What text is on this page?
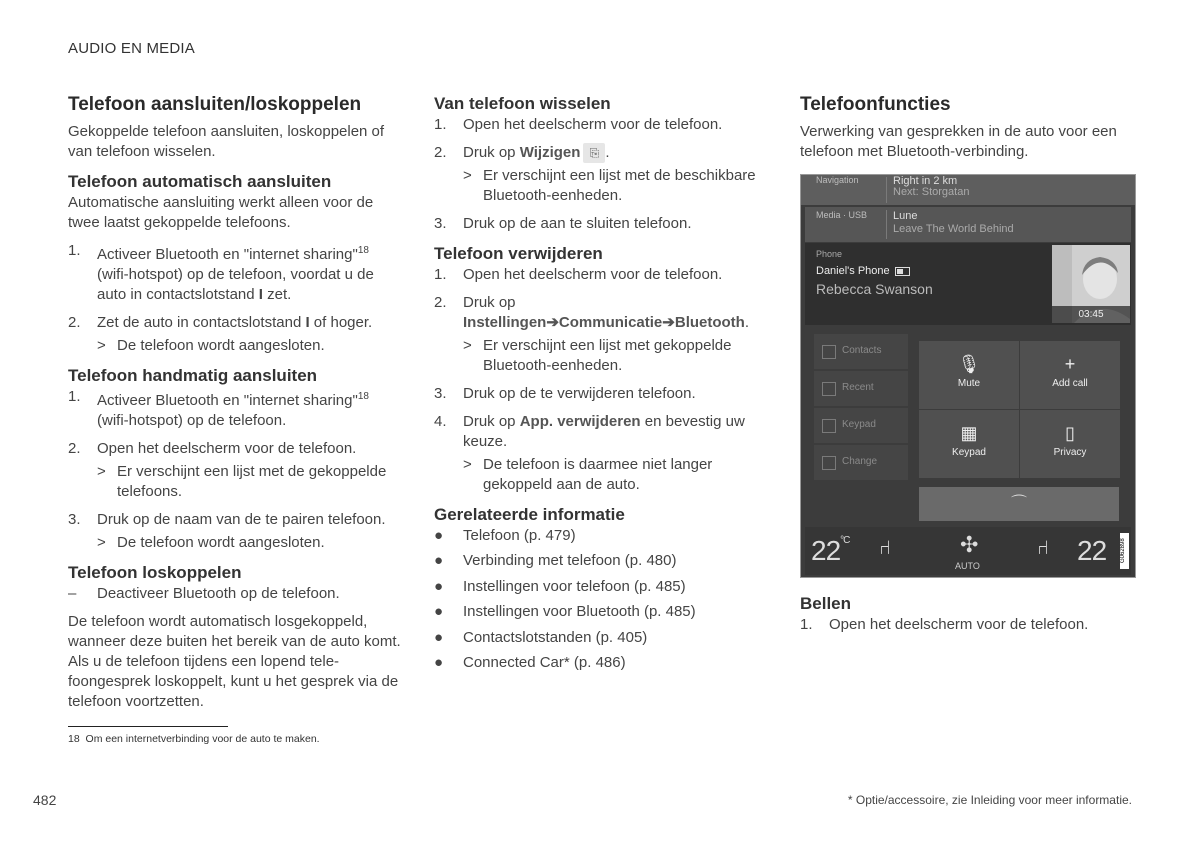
AUDIO EN MEDIA
Telefoon aansluiten/loskoppelen

Gekoppelde telefoon aansluiten, loskoppelen of van telefoon wisselen.

Telefoon automatisch aansluiten

Automatische aansluiting werkt alleen voor de twee laatst gekoppelde telefoons.

1. Activeer Bluetooth en "internet sharing"$^{18}$ (wifi-hotspot) op de telefoon, voordat u de auto in contactslotstand I zet.
2. Zet de auto in contactslotstand I of hoger.
> De telefoon wordt aangesloten.
Telefoon handmatig aansluiten
1. Activeer Bluetooth en "internet sharing"$^{18}$ (wifi-hotspot) op de telefoon.
2. Open het deelscherm voor de telefoon.
> Er verschijnt een lijst met de gekoppelde telefoons.
3. Druk op de naam van de te pairen telefoon.
> De telefoon wordt aangesloten.
Telefoon loskoppelen
– Deactiveer Bluetooth op de telefoon.

De telefoon wordt automatisch losgekoppeld, wanneer deze buiten het bereik van de auto komt. Als u de telefoon tijdens een lopend tele-foongesprek loskoppelt, kunt u het gesprek via de telefoon voortzetten.

Van telefoon wisselen
1. Open het deelscherm voor de telefoon.
2. Druk op Wijzigen ⎘ .
> Er verschijnt een lijst met de beschikbare Bluetooth-eenheden.
3. Druk op de aan te sluiten telefoon.
Telefoon verwijderen
1. Open het deelscherm voor de telefoon.
2. Druk op Instellingen➔Communicatie➔Bluetooth.
> Er verschijnt een lijst met gekoppelde Bluetooth-eenheden.
3. Druk op de te verwijderen telefoon.
4. Druk op App. verwijderen en bevestig uw keuze.
> De telefoon is daarmee niet langer gekoppeld aan de auto.
Gerelateerde informatie
● Telefoon (p. 479)
● Verbinding met telefoon (p. 480)
● Instellingen voor telefoon (p. 485)
● Instellingen voor Bluetooth (p. 485)
● Contactslotstanden (p. 405)
● Connected Car* (p. 486)
Telefoonfuncties

Verwerking van gesprekken in de auto voor een telefoon met Bluetooth-verbinding.

Navigation	Right in 2 km
Next: Storgatan
Media · USB Lune
Leave The World Behind
Phone
Daniel's Phone
Rebecca Swanson
03:45
Contacts
Recent
Keypad
Change
🎙
Mute
+
Add call
▦
Keypad
▯
Privacy
⌒
$22^{^\circ C}$ ⑁	✣
AUTO
⑁ 22 G062898
Bellen
1. Open het deelscherm voor de telefoon.
18 Om een internetverbinding voor de auto te maken.
482	* Optie/accessoire, zie Inleiding voor meer informatie.
